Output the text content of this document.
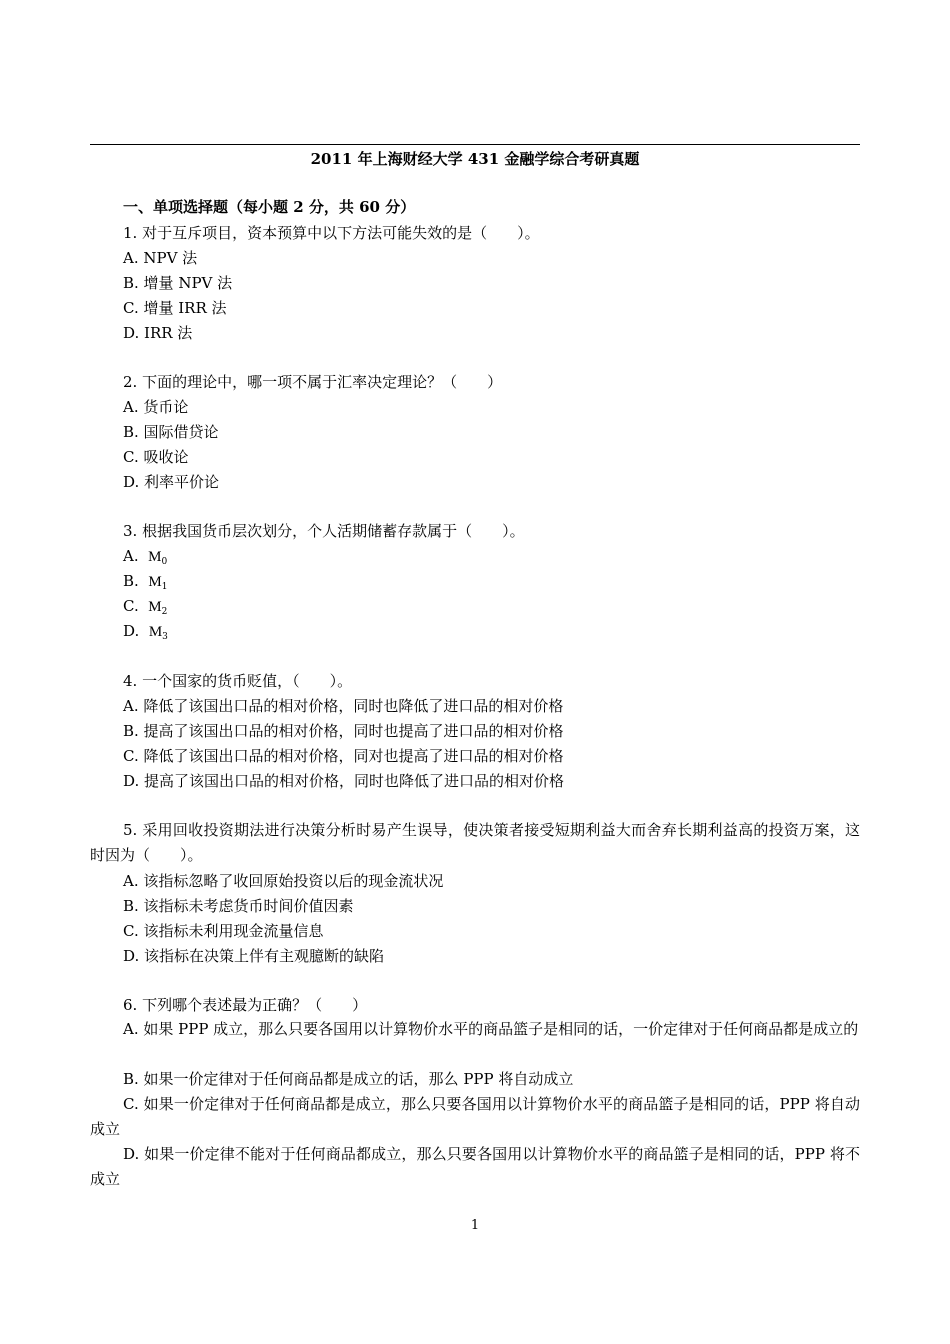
2011 年上海财经大学 431 金融学综合考研真题
一、单项选择题（每小题 2 分，共 60 分）
1. 对于互斥项目，资本预算中以下方法可能失效的是（　　）。
A. NPV 法
B. 增量 NPV 法
C. 增量 IRR 法
D. IRR 法
2. 下面的理论中，哪一项不属于汇率决定理论？（　　）
A. 货币论
B. 国际借贷论
C. 吸收论
D. 利率平价论
3. 根据我国货币层次划分，个人活期储蓄存款属于（　　）。
A. $M_0$
B. $M_1$
C. $M_2$
D. $M_3$
4. 一个国家的货币贬值，（　　）。
A. 降低了该国出口品的相对价格，同时也降低了进口品的相对价格
B. 提高了该国出口品的相对价格，同时也提高了进口品的相对价格
C. 降低了该国出口品的相对价格，同对也提高了进口品的相对价格
D. 提高了该国出口品的相对价格，同时也降低了进口品的相对价格
5. 采用回收投资期法进行决策分析时易产生误导，使决策者接受短期利益大而舍弃长期利益高的投资万案，这时因为（　　）。
A. 该指标忽略了收回原始投资以后的现金流状况
B. 该指标未考虑货币时间价值因素
C. 该指标未利用现金流量信息
D. 该指标在决策上伴有主观臆断的缺陷
6. 下列哪个表述最为正确？（　　）
A. 如果 PPP 成立，那么只要各国用以计算物价水平的商品篮子是相同的话，一价定律对于任何商品都是成立的
B. 如果一价定律对于任何商品都是成立的话，那么 PPP 将自动成立
C. 如果一价定律对于任何商品都是成立，那么只要各国用以计算物价水平的商品篮子是相同的话，PPP 将自动成立
D. 如果一价定律不能对于任何商品都成立，那么只要各国用以计算物价水平的商品篮子是相同的话，PPP 将不成立
1
